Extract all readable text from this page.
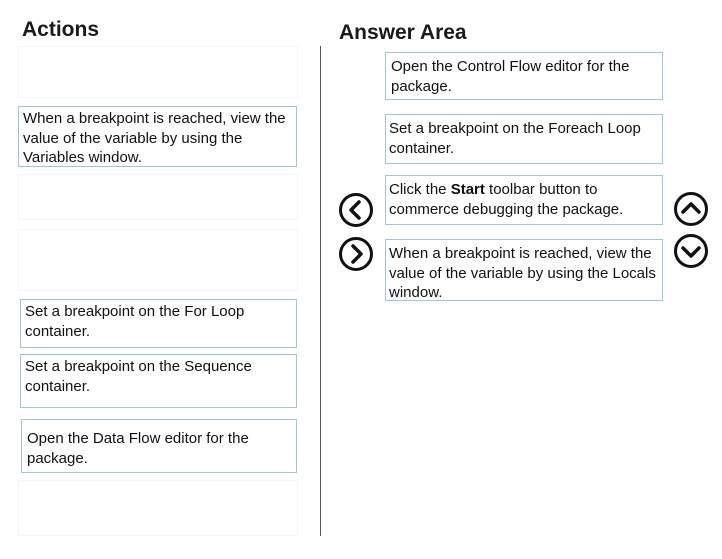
Actions	Answer Area
When a breakpoint is reached, view the value of the variable by using the Variables window.
Set a breakpoint on the For Loop container.
Set a breakpoint on the Sequence container.
Open the Data Flow editor for the package.
Open the Control Flow editor for the package.
Set a breakpoint on the Foreach Loop container.
Click the Start toolbar button to commerce debugging the package.
When a breakpoint is reached, view the value of the variable by using the Locals window.
